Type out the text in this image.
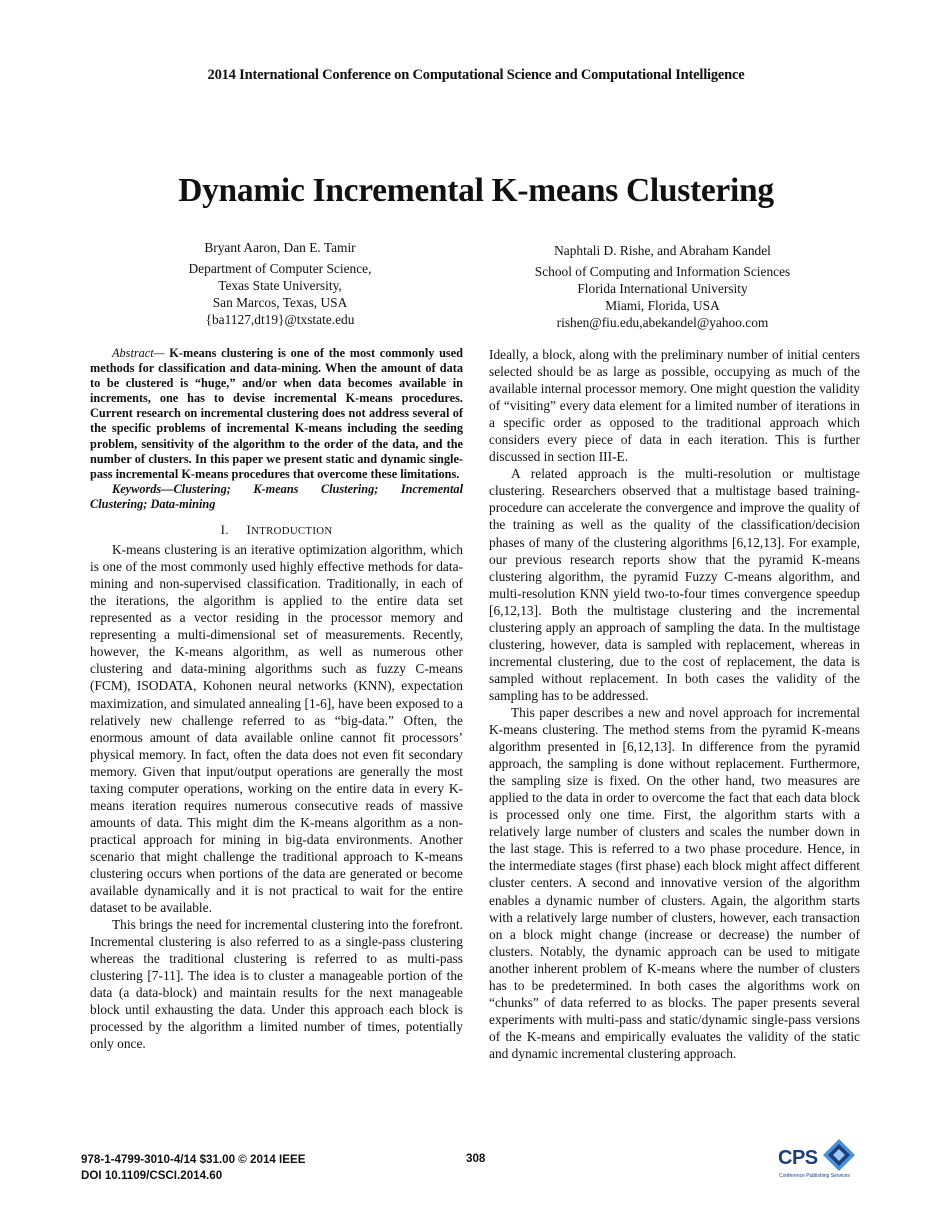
2014 International Conference on Computational Science and Computational Intelligence
Dynamic Incremental K-means Clustering
Bryant Aaron, Dan E. Tamir
Department of Computer Science,
Texas State University,
San Marcos, Texas, USA
{ba1127,dt19}@txstate.edu
Naphtali D. Rishe, and Abraham Kandel
School of Computing and Information Sciences
Florida International University
Miami, Florida, USA
rishen@fiu.edu,abekandel@yahoo.com

Abstract— K-means clustering is one of the most commonly used methods for classification and data-mining. When the amount of data to be clustered is “huge,” and/or when data becomes available in increments, one has to devise incremental K-means procedures. Current research on incremental clustering does not address several of the specific problems of incremental K-means including the seeding problem, sensitivity of the algorithm to the order of the data, and the number of clusters. In this paper we present static and dynamic single-pass incremental K-means procedures that overcome these limitations.

Keywords—Clustering; K-means Clustering; Incremental Clustering; Data-mining

I. INTRODUCTION

K-means clustering is an iterative optimization algorithm, which is one of the most commonly used highly effective methods for data-mining and non-supervised classification. Traditionally, in each of the iterations, the algorithm is applied to the entire data set represented as a vector residing in the processor memory and representing a multi-dimensional set of measurements. Recently, however, the K-means algorithm, as well as numerous other clustering and data-mining algorithms such as fuzzy C-means (FCM), ISODATA, Kohonen neural networks (KNN), expectation maximization, and simulated annealing [1-6], have been exposed to a relatively new challenge referred to as “big-data.” Often, the enormous amount of data available online cannot fit processors’ physical memory. In fact, often the data does not even fit secondary memory. Given that input/output operations are generally the most taxing computer operations, working on the entire data in every K-means iteration requires numerous consecutive reads of massive amounts of data. This might dim the K-means algorithm as a non-practical approach for mining in big-data environments. Another scenario that might challenge the traditional approach to K-means clustering occurs when portions of the data are generated or become available dynamically and it is not practical to wait for the entire dataset to be available.

This brings the need for incremental clustering into the forefront. Incremental clustering is also referred to as a single-pass clustering whereas the traditional clustering is referred to as multi-pass clustering [7-11]. The idea is to cluster a manageable portion of the data (a data-block) and maintain results for the next manageable block until exhausting the data. Under this approach each block is processed by the algorithm a limited number of times, potentially only once.

Ideally, a block, along with the preliminary number of initial centers selected should be as large as possible, occupying as much of the available internal processor memory. One might question the validity of “visiting” every data element for a limited number of iterations in a specific order as opposed to the traditional approach which considers every piece of data in each iteration. This is further discussed in section III-E.

A related approach is the multi-resolution or multistage clustering. Researchers observed that a multistage based training-procedure can accelerate the convergence and improve the quality of the training as well as the quality of the classification/decision phases of many of the clustering algorithms [6,12,13]. For example, our previous research reports show that the pyramid K-means clustering algorithm, the pyramid Fuzzy C-means algorithm, and multi-resolution KNN yield two-to-four times convergence speedup [6,12,13]. Both the multistage clustering and the incremental clustering apply an approach of sampling the data. In the multistage clustering, however, data is sampled with replacement, whereas in incremental clustering, due to the cost of replacement, the data is sampled without replacement. In both cases the validity of the sampling has to be addressed.

This paper describes a new and novel approach for incremental K-means clustering. The method stems from the pyramid K-means algorithm presented in [6,12,13]. In difference from the pyramid approach, the sampling is done without replacement. Furthermore, the sampling size is fixed. On the other hand, two measures are applied to the data in order to overcome the fact that each data block is processed only one time. First, the algorithm starts with a relatively large number of clusters and scales the number down in the last stage. This is referred to a two phase procedure. Hence, in the intermediate stages (first phase) each block might affect different cluster centers. A second and innovative version of the algorithm enables a dynamic number of clusters. Again, the algorithm starts with a relatively large number of clusters, however, each transaction on a block might change (increase or decrease) the number of clusters. Notably, the dynamic approach can be used to mitigate another inherent problem of K-means where the number of clusters has to be predetermined. In both cases the algorithms work on “chunks” of data referred to as blocks. The paper presents several experiments with multi-pass and static/dynamic single-pass versions of the K-means and empirically evaluates the validity of the static and dynamic incremental clustering approach.

978-1-4799-3010-4/14 $31.00 © 2014 IEEE
DOI 10.1109/CSCI.2014.60
308	CPS
Conference Publishing Services
